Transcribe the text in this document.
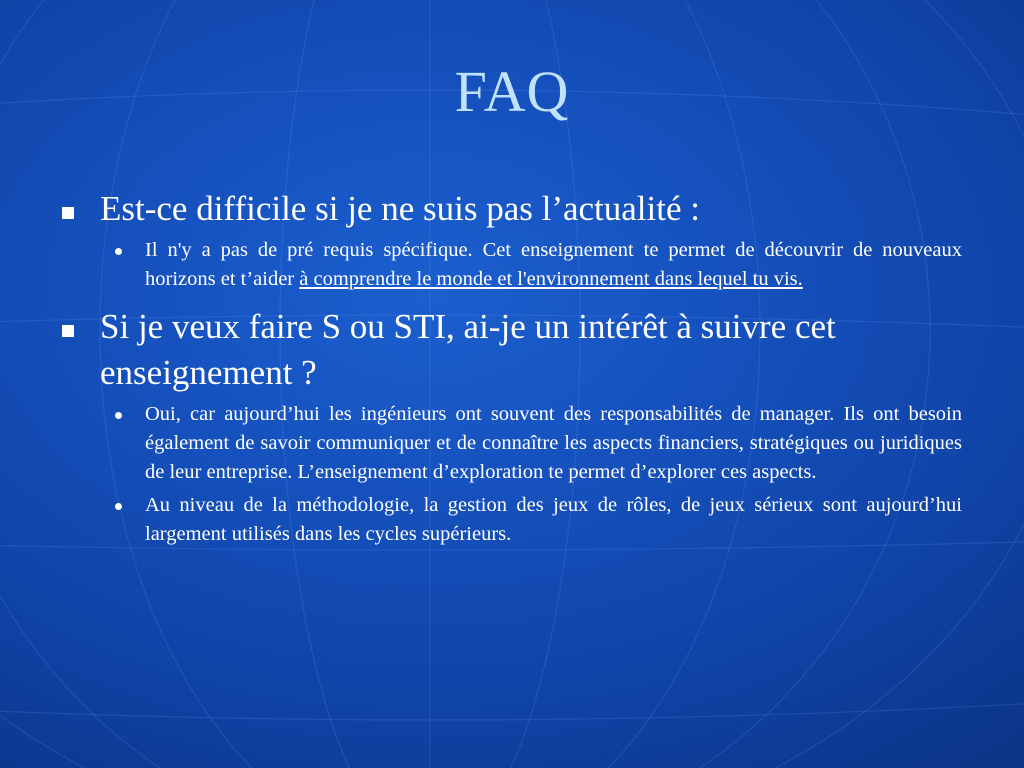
FAQ

Est-ce difficile si je ne suis pas l’actualité :

Il n'y a pas de pré requis spécifique. Cet enseignement te permet de découvrir de nouveaux horizons et t’aider à comprendre le monde et l'environnement dans lequel tu vis.

Si je veux faire S ou STI, ai-je un intérêt à suivre cet enseignement ?

Oui, car aujourd’hui les ingénieurs ont souvent des responsabilités de manager. Ils ont besoin également de savoir communiquer et de connaître les aspects financiers, stratégiques ou juridiques de leur entreprise. L’enseignement d’exploration te permet d’explorer ces aspects.
Au niveau de la méthodologie, la gestion des jeux de rôles, de jeux sérieux sont aujourd’hui largement utilisés dans les cycles supérieurs.
